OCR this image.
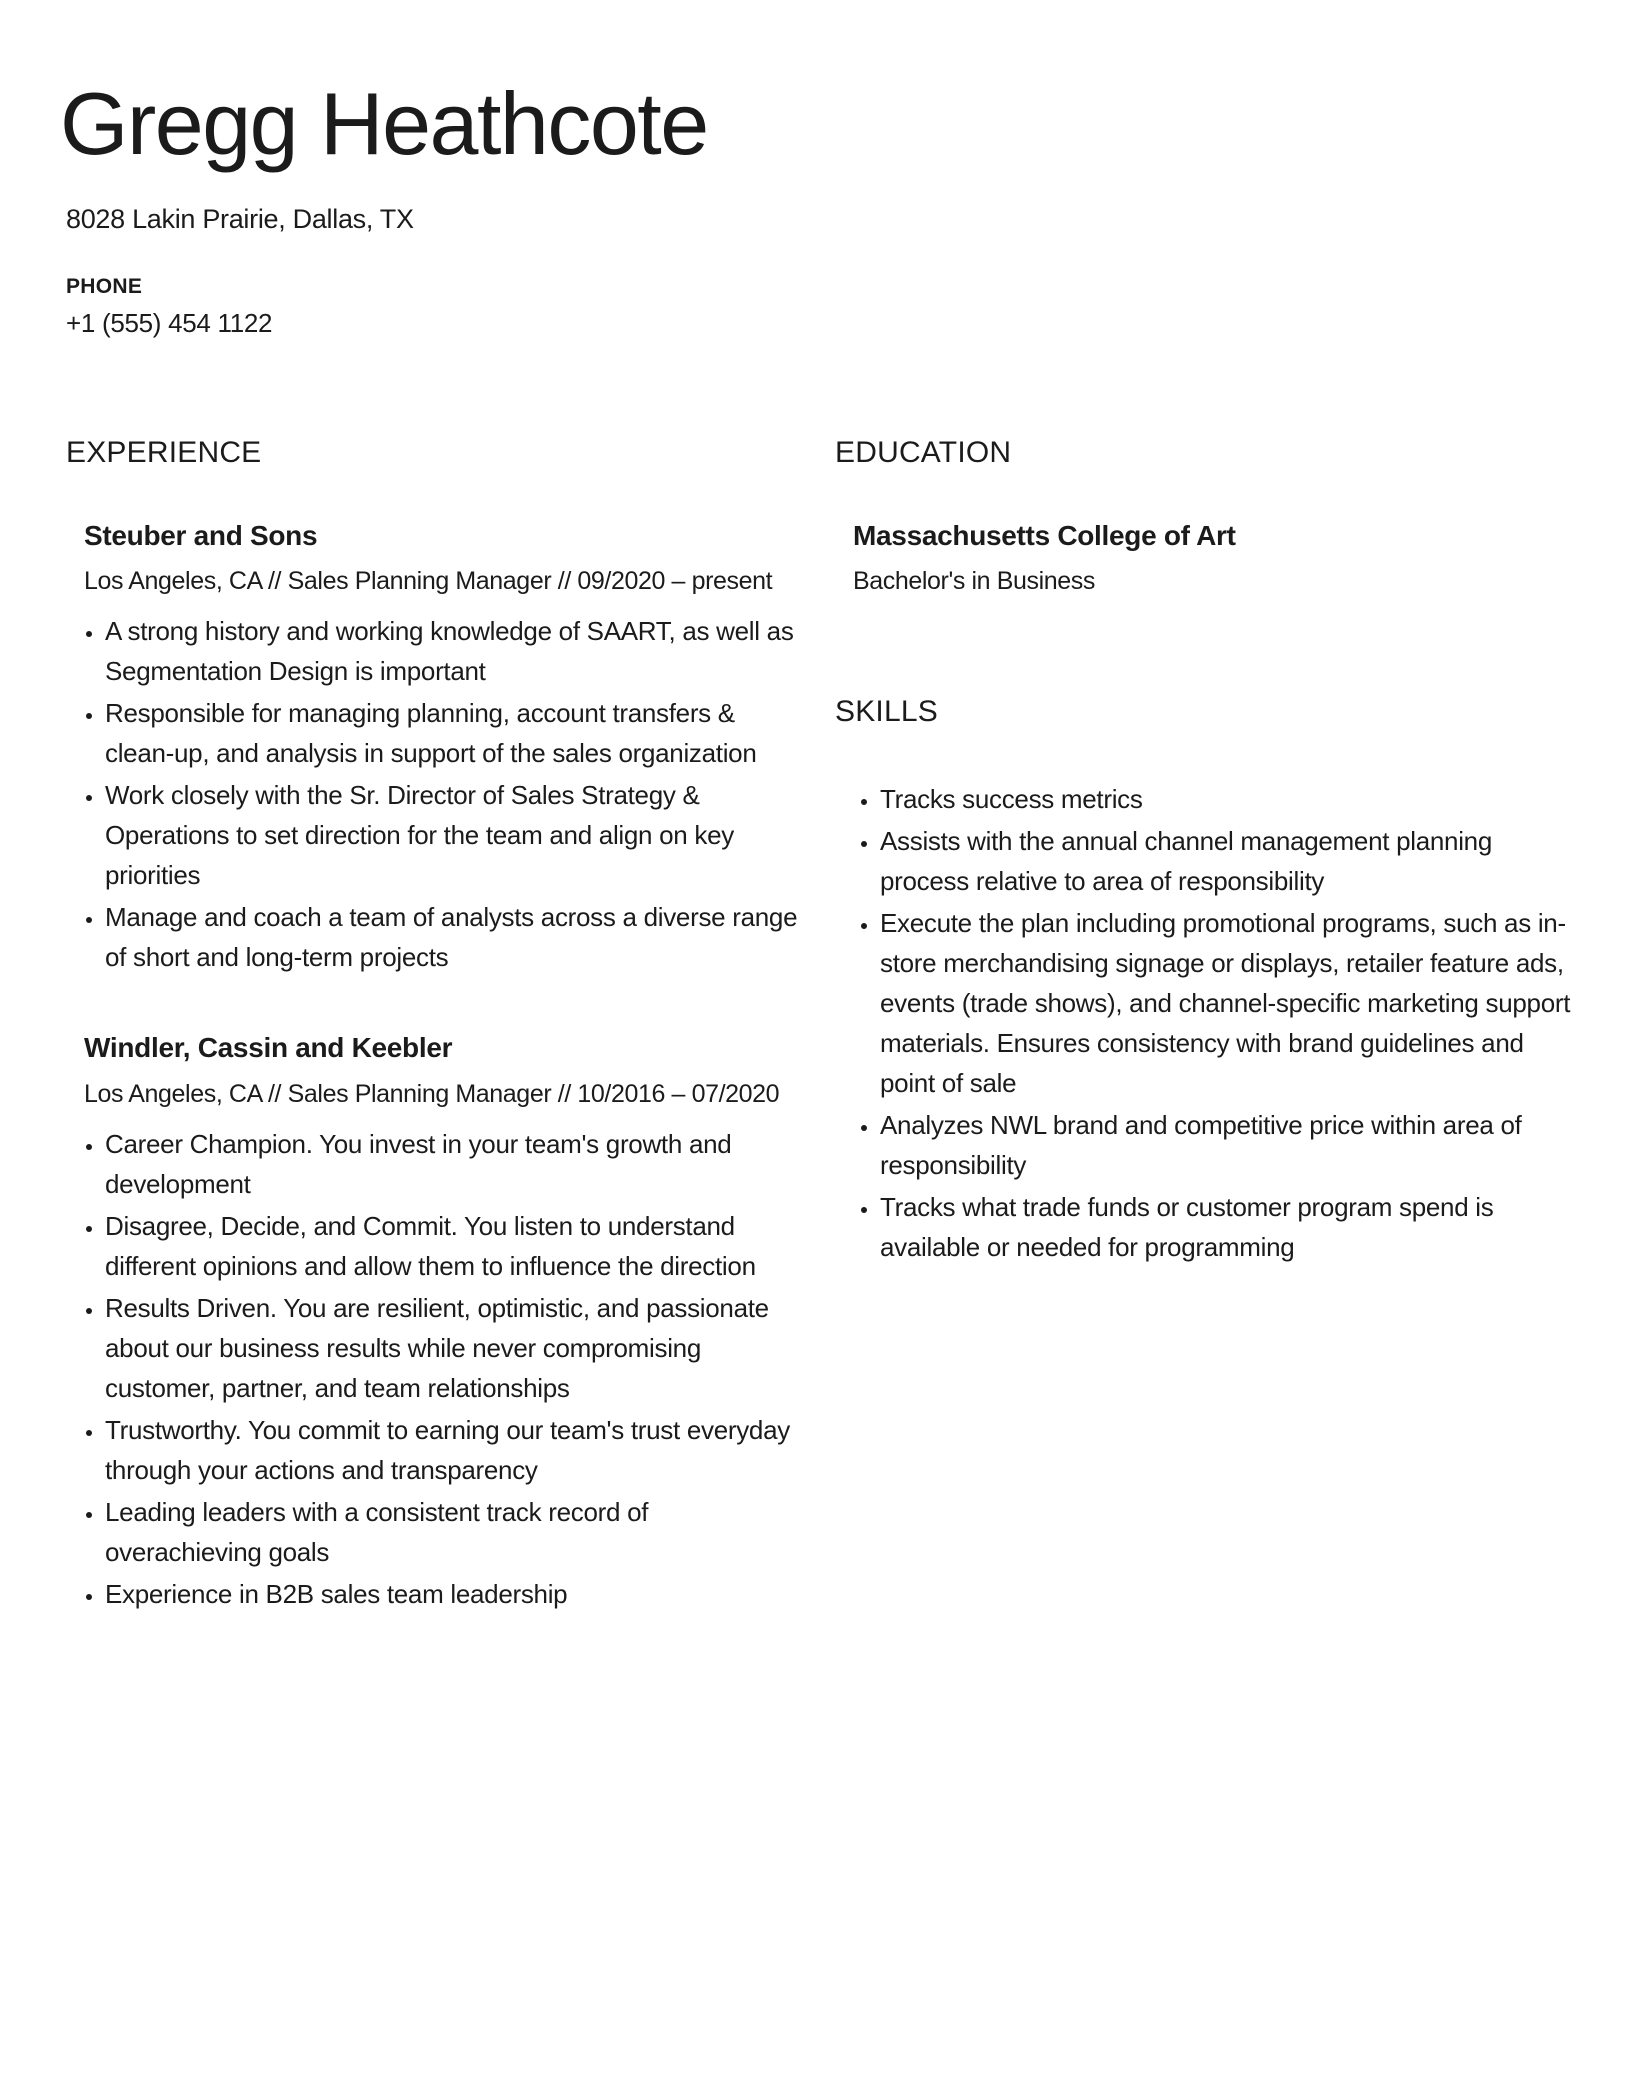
Gregg Heathcote
8028 Lakin Prairie, Dallas, TX
PHONE
+1 (555) 454 1122
EXPERIENCE
Steuber and Sons
Los Angeles, CA // Sales Planning Manager // 09/2020 – present
• A strong history and working knowledge of SAART, as well as Segmentation Design is important
• Responsible for managing planning, account transfers & clean-up, and analysis in support of the sales organization
• Work closely with the Sr. Director of Sales Strategy & Operations to set direction for the team and align on key priorities
• Manage and coach a team of analysts across a diverse range of short and long-term projects
Windler, Cassin and Keebler
Los Angeles, CA // Sales Planning Manager // 10/2016 – 07/2020
• Career Champion. You invest in your team's growth and development
• Disagree, Decide, and Commit. You listen to understand different opinions and allow them to influence the direction
• Results Driven. You are resilient, optimistic, and passionate about our business results while never compromising customer, partner, and team relationships
• Trustworthy. You commit to earning our team's trust everyday through your actions and transparency
• Leading leaders with a consistent track record of overachieving goals
• Experience in B2B sales team leadership
EDUCATION
Massachusetts College of Art
Bachelor's in Business
SKILLS
• Tracks success metrics
• Assists with the annual channel management planning process relative to area of responsibility
• Execute the plan including promotional programs, such as in-store merchandising signage or displays, retailer feature ads, events (trade shows), and channel-specific marketing support materials. Ensures consistency with brand guidelines and point of sale
• Analyzes NWL brand and competitive price within area of responsibility
• Tracks what trade funds or customer program spend is available or needed for programming
